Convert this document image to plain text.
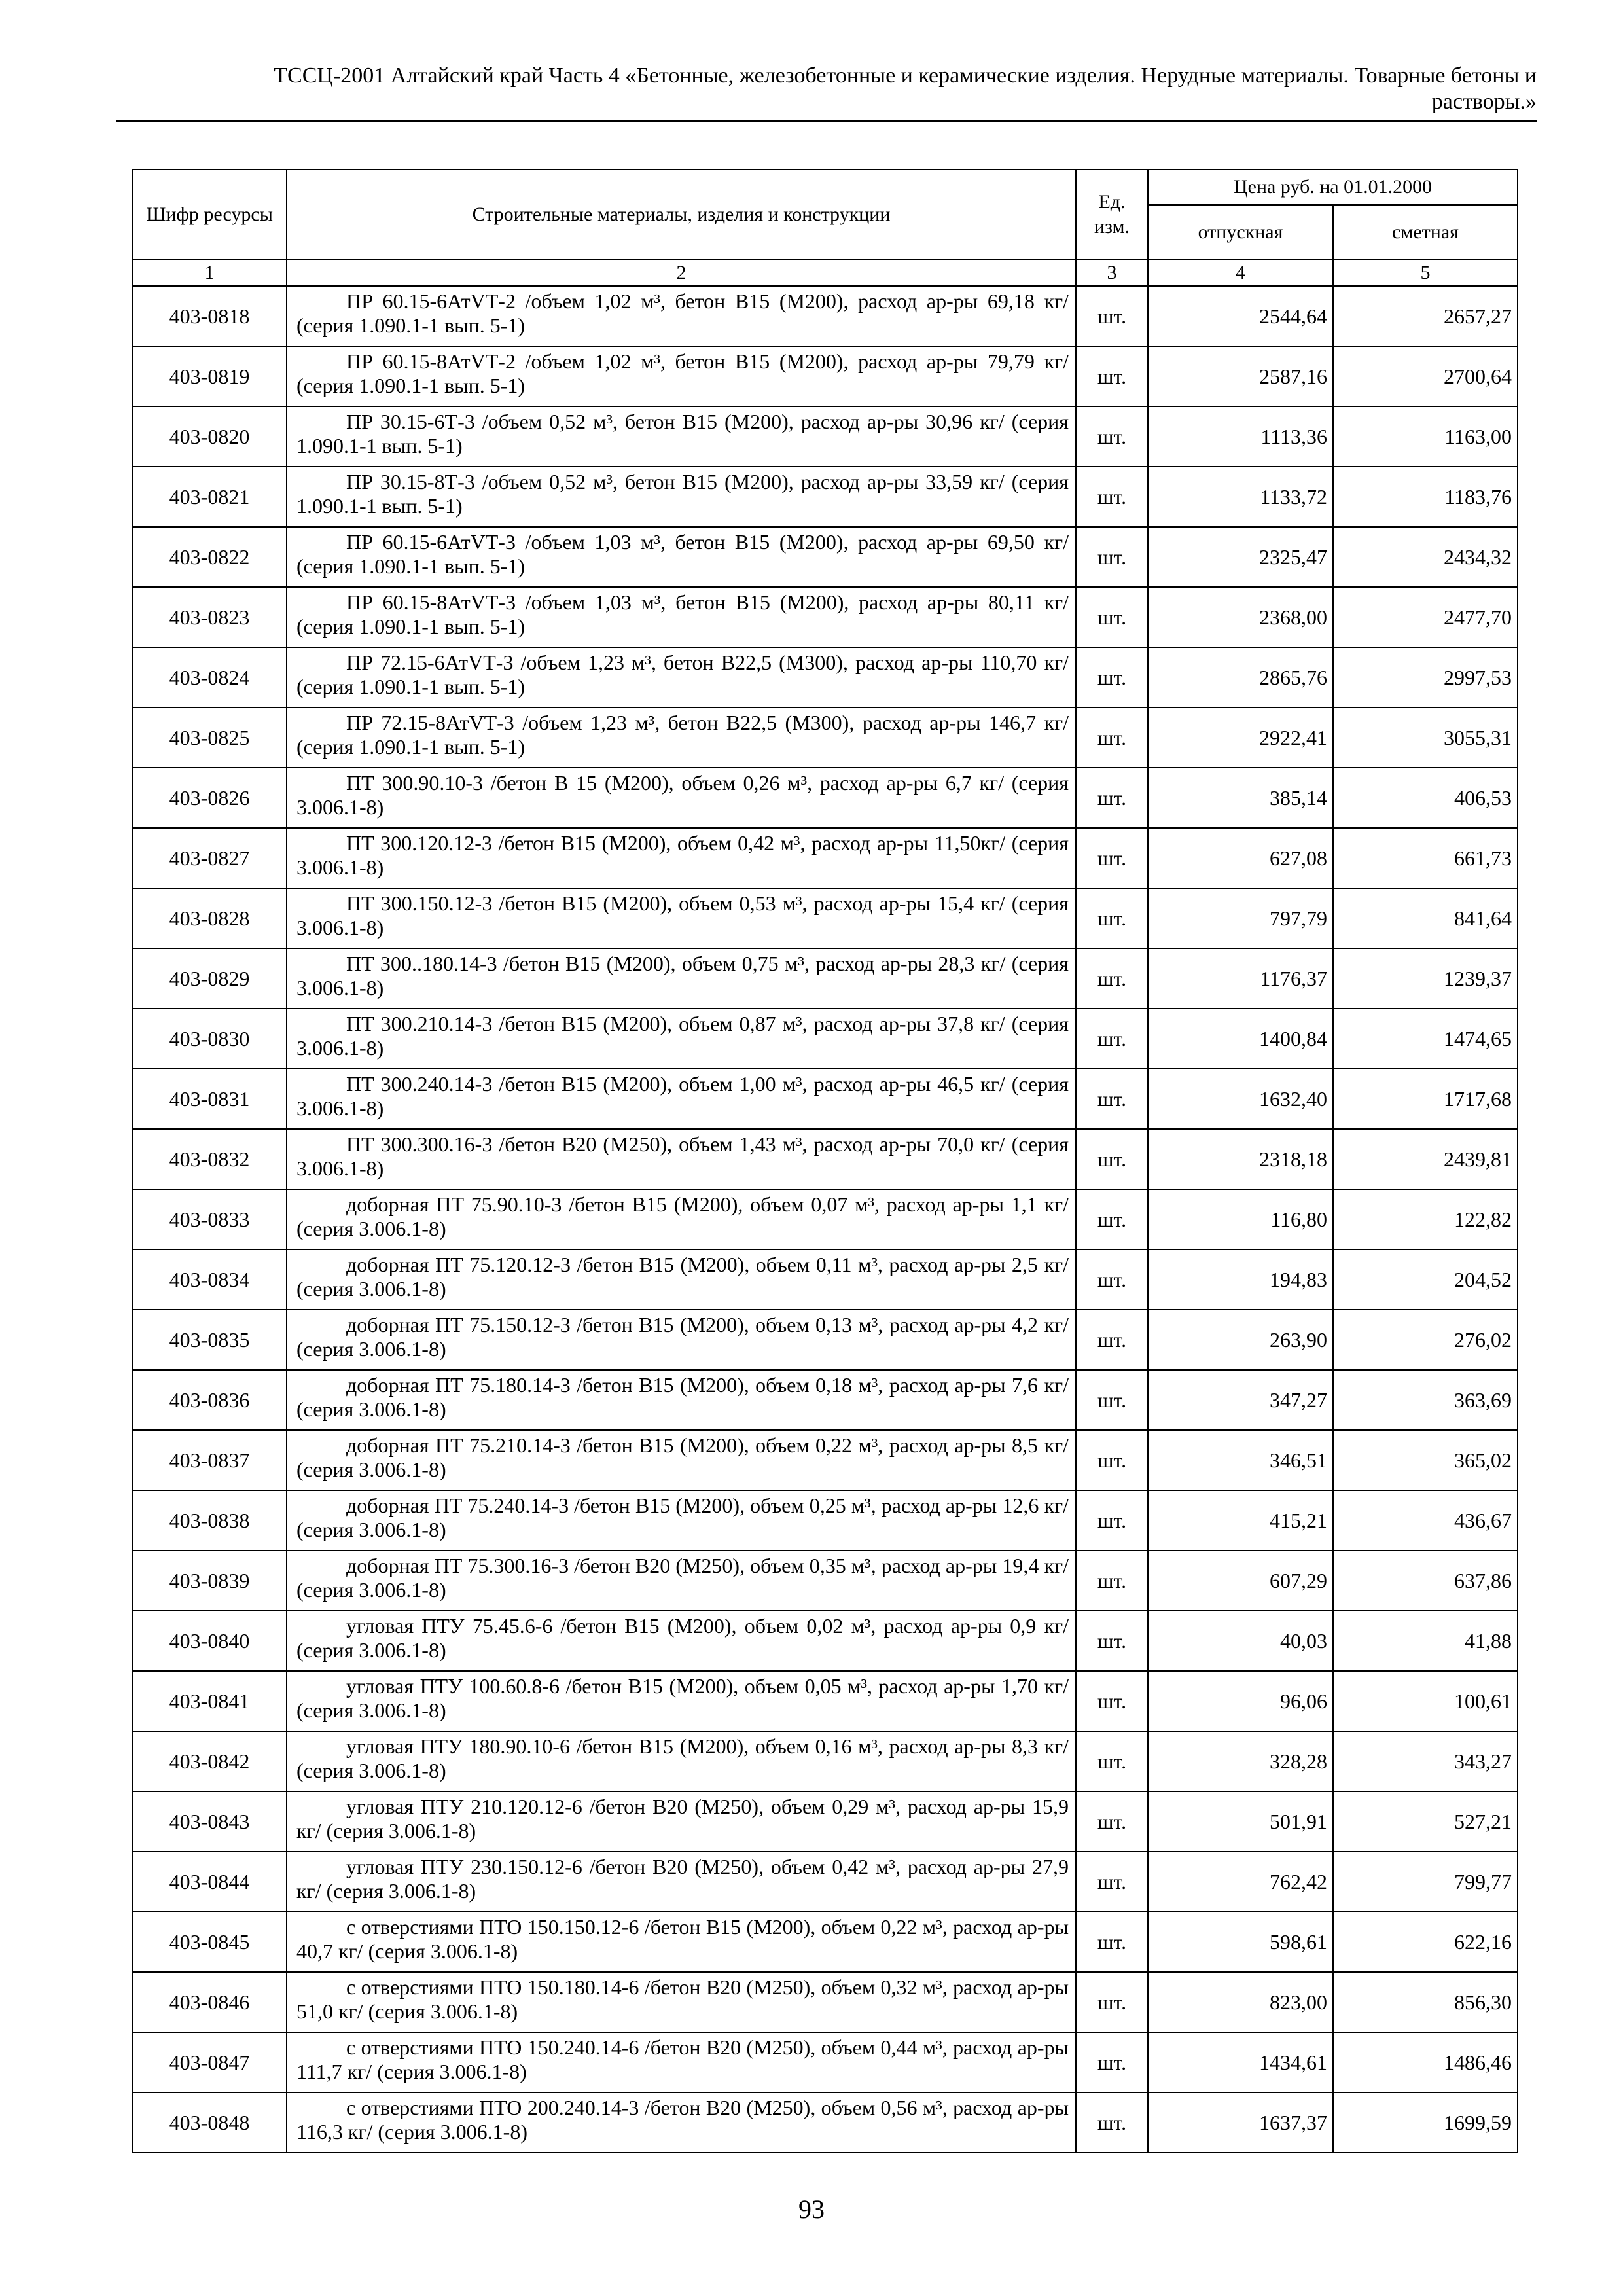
ТССЦ-2001 Алтайский край Часть 4 «Бетонные, железобетонные и керамические изделия. Нерудные материалы. Товарные бетоны и
растворы.»
Шифр ресурсы	Строительные материалы, изделия и конструкции	Ед. изм.	Цена руб. на 01.01.2000	
			отпускная	сметная
1	2	3	4	5
403-0818	ПР 60.15-6АтVТ-2 /объем 1,02 м³, бетон В15 (М200), расход ар-ры 69,18 кг/ (серия 1.090.1-1 вып. 5-1)	шт.	2544,64	2657,27
403-0819	ПР 60.15-8АтVТ-2 /объем 1,02 м³, бетон В15 (М200), расход ар-ры 79,79 кг/ (серия 1.090.1-1 вып. 5-1)	шт.	2587,16	2700,64
403-0820	ПР 30.15-6Т-3 /объем 0,52 м³, бетон В15 (М200), расход ар-ры 30,96 кг/ (серия 1.090.1-1 вып. 5-1)	шт.	1113,36	1163,00
403-0821	ПР 30.15-8Т-3 /объем 0,52 м³, бетон В15 (М200), расход ар-ры 33,59 кг/ (серия 1.090.1-1 вып. 5-1)	шт.	1133,72	1183,76
403-0822	ПР 60.15-6АтVТ-3 /объем 1,03 м³, бетон В15 (М200), расход ар-ры 69,50 кг/ (серия 1.090.1-1 вып. 5-1)	шт.	2325,47	2434,32
403-0823	ПР 60.15-8АтVТ-3 /объем 1,03 м³, бетон В15 (М200), расход ар-ры 80,11 кг/ (серия 1.090.1-1 вып. 5-1)	шт.	2368,00	2477,70
403-0824	ПР 72.15-6АтVТ-3 /объем 1,23 м³, бетон В22,5 (М300), расход ар-ры 110,70 кг/ (серия 1.090.1-1 вып. 5-1)	шт.	2865,76	2997,53
403-0825	ПР 72.15-8АтVТ-3 /объем 1,23 м³, бетон В22,5 (М300), расход ар-ры 146,7 кг/ (серия 1.090.1-1 вып. 5-1)	шт.	2922,41	3055,31
403-0826	ПТ 300.90.10-3 /бетон В 15 (М200), объем 0,26 м³, расход ар-ры 6,7 кг/ (серия 3.006.1-8)	шт.	385,14	406,53
403-0827	ПТ 300.120.12-3 /бетон В15 (М200), объем 0,42 м³, расход ар-ры 11,50кг/ (серия 3.006.1-8)	шт.	627,08	661,73
403-0828	ПТ 300.150.12-3 /бетон В15 (М200), объем 0,53 м³, расход ар-ры 15,4 кг/ (серия 3.006.1-8)	шт.	797,79	841,64
403-0829	ПТ 300..180.14-3 /бетон В15 (М200), объем 0,75 м³, расход ар-ры 28,3 кг/ (серия 3.006.1-8)	шт.	1176,37	1239,37
403-0830	ПТ 300.210.14-3 /бетон В15 (М200), объем 0,87 м³, расход ар-ры 37,8 кг/ (серия 3.006.1-8)	шт.	1400,84	1474,65
403-0831	ПТ 300.240.14-3 /бетон В15 (М200), объем 1,00 м³, расход ар-ры 46,5 кг/ (серия 3.006.1-8)	шт.	1632,40	1717,68
403-0832	ПТ 300.300.16-3 /бетон В20 (М250), объем 1,43 м³, расход ар-ры 70,0 кг/ (серия 3.006.1-8)	шт.	2318,18	2439,81
403-0833	доборная ПТ 75.90.10-3 /бетон В15 (М200), объем 0,07 м³, расход ар-ры 1,1 кг/ (серия 3.006.1-8)	шт.	116,80	122,82
403-0834	доборная ПТ 75.120.12-3 /бетон В15 (М200), объем 0,11 м³, расход ар-ры 2,5 кг/ (серия 3.006.1-8)	шт.	194,83	204,52
403-0835	доборная ПТ 75.150.12-3 /бетон В15 (М200), объем 0,13 м³, расход ар-ры 4,2 кг/ (серия 3.006.1-8)	шт.	263,90	276,02
403-0836	доборная ПТ 75.180.14-3 /бетон В15 (М200), объем 0,18 м³, расход ар-ры 7,6 кг/ (серия 3.006.1-8)	шт.	347,27	363,69
403-0837	доборная ПТ 75.210.14-3 /бетон В15 (М200), объем 0,22 м³, расход ар-ры 8,5 кг/ (серия 3.006.1-8)	шт.	346,51	365,02
403-0838	доборная ПТ 75.240.14-3 /бетон В15 (М200), объем 0,25 м³, расход ар-ры 12,6 кг/ (серия 3.006.1-8)	шт.	415,21	436,67
403-0839	доборная ПТ 75.300.16-3 /бетон В20 (М250), объем 0,35 м³, расход ар-ры 19,4 кг/ (серия 3.006.1-8)	шт.	607,29	637,86
403-0840	угловая ПТУ 75.45.6-6 /бетон В15 (М200), объем 0,02 м³, расход ар-ры 0,9 кг/ (серия 3.006.1-8)	шт.	40,03	41,88
403-0841	угловая ПТУ 100.60.8-6 /бетон В15 (М200), объем 0,05 м³, расход ар-ры 1,70 кг/ (серия 3.006.1-8)	шт.	96,06	100,61
403-0842	угловая ПТУ 180.90.10-6 /бетон В15 (М200), объем 0,16 м³, расход ар-ры 8,3 кг/ (серия 3.006.1-8)	шт.	328,28	343,27
403-0843	угловая ПТУ 210.120.12-6 /бетон В20 (М250), объем 0,29 м³, расход ар-ры 15,9 кг/ (серия 3.006.1-8)	шт.	501,91	527,21
403-0844	угловая ПТУ 230.150.12-6 /бетон В20 (М250), объем 0,42 м³, расход ар-ры 27,9 кг/ (серия 3.006.1-8)	шт.	762,42	799,77
403-0845	с отверстиями ПТО 150.150.12-6 /бетон В15 (М200), объем 0,22 м³, расход ар-ры 40,7 кг/ (серия 3.006.1-8)	шт.	598,61	622,16
403-0846	с отверстиями ПТО 150.180.14-6 /бетон В20 (М250), объем 0,32 м³, расход ар-ры 51,0 кг/ (серия 3.006.1-8)	шт.	823,00	856,30
403-0847	с отверстиями ПТО 150.240.14-6 /бетон В20 (М250), объем 0,44 м³, расход ар-ры 111,7 кг/ (серия 3.006.1-8)	шт.	1434,61	1486,46
403-0848	с отверстиями ПТО 200.240.14-3 /бетон В20 (М250), объем 0,56 м³, расход ар-ры 116,3 кг/ (серия 3.006.1-8)	шт.	1637,37	1699,59
93
